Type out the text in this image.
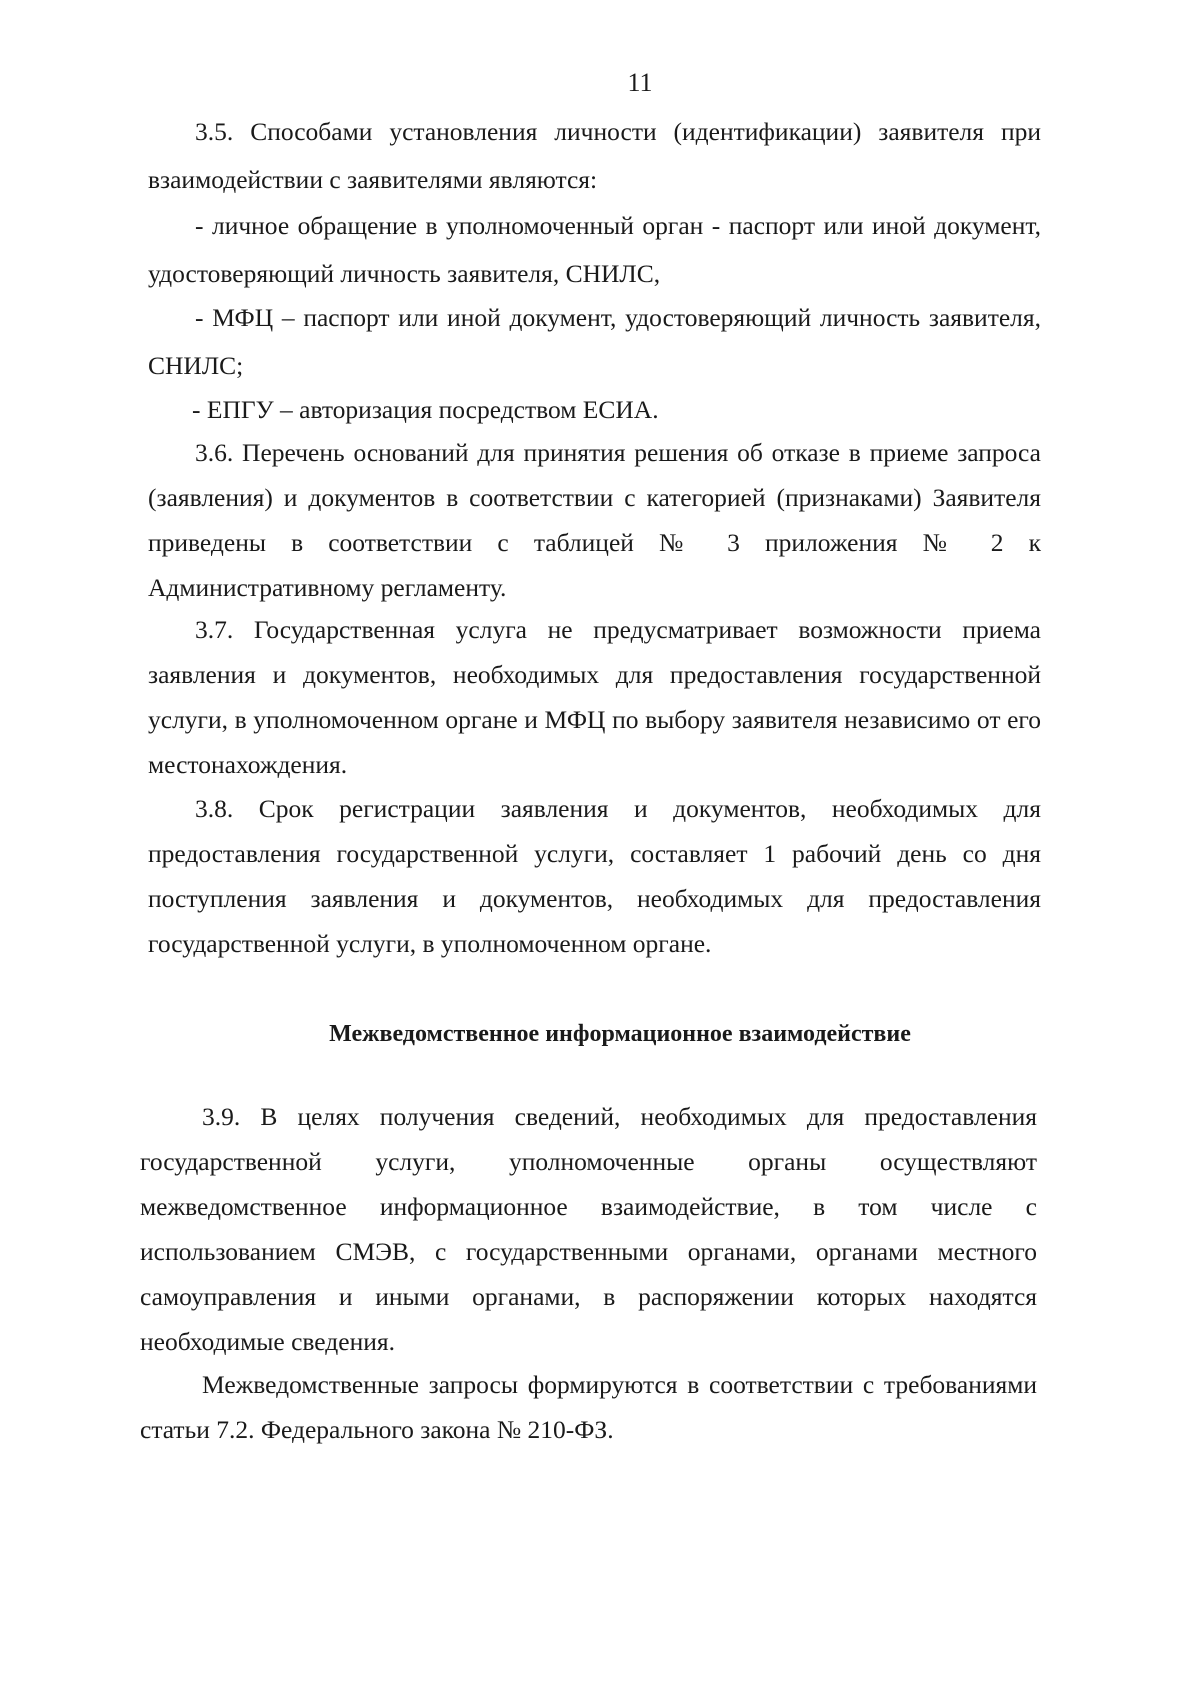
11

3.5. Способами установления личности (идентификации) заявителя при взаимодействии с заявителями являются:

- личное обращение в уполномоченный орган - паспорт или иной документ, удостоверяющий личность заявителя, СНИЛС,

- МФЦ – паспорт или иной документ, удостоверяющий личность заявителя, СНИЛС;

- ЕПГУ – авторизация посредством ЕСИА.

3.6. Перечень оснований для принятия решения об отказе в приеме запроса (заявления) и документов в соответствии с категорией (признаками) Заявителя приведены в соответствии с таблицей № 3 приложения № 2 к Административному регламенту.

3.7. Государственная услуга не предусматривает возможности приема заявления и документов, необходимых для предоставления государственной услуги, в уполномоченном органе и МФЦ по выбору заявителя независимо от его местонахождения.

3.8. Срок регистрации заявления и документов, необходимых для предоставления государственной услуги, составляет 1 рабочий день со дня поступления заявления и документов, необходимых для предоставления государственной услуги, в уполномоченном органе.

Межведомственное информационное взаимодействие

3.9. В целях получения сведений, необходимых для предоставления государственной услуги, уполномоченные органы осуществляют межведомственное информационное взаимодействие, в том числе с использованием СМЭВ, с государственными органами, органами местного самоуправления и иными органами, в распоряжении которых находятся необходимые сведения.

Межведомственные запросы формируются в соответствии с требованиями статьи 7.2. Федерального закона № 210-ФЗ.
